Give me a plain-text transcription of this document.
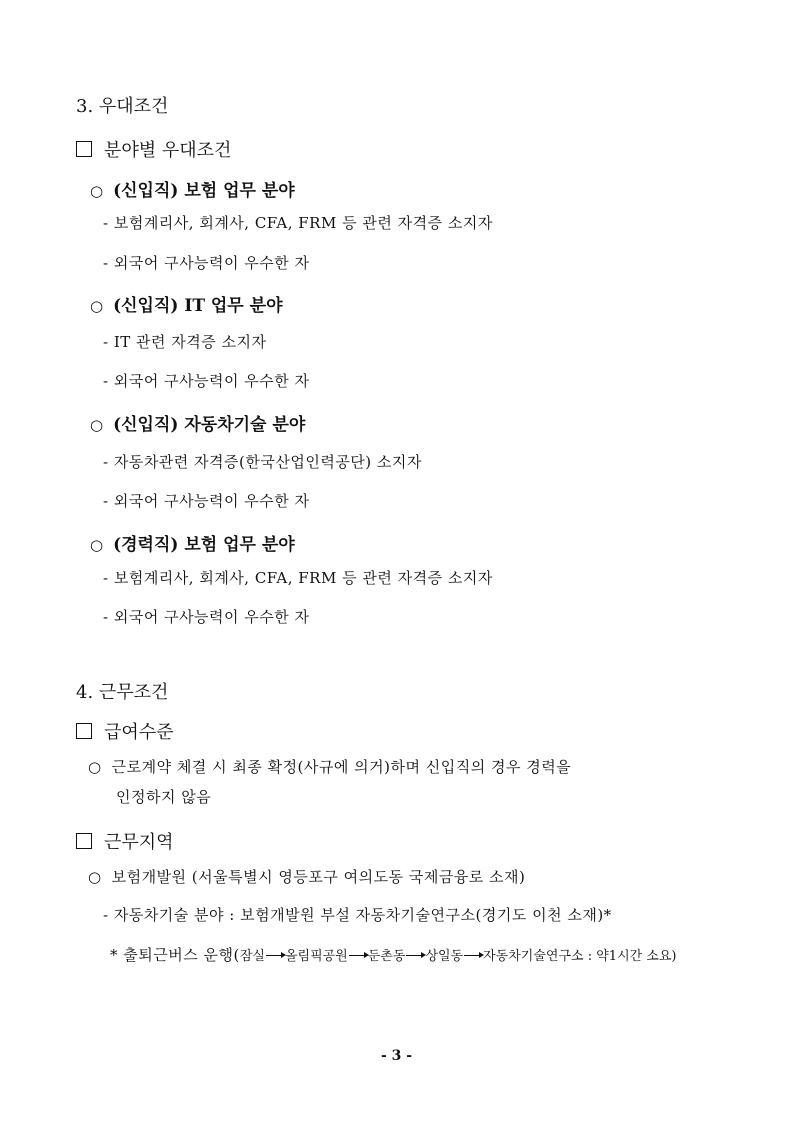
3. 우대조건
분야별 우대조건
○ (신입직) 보험 업무 분야
- 보험계리사, 회계사, CFA, FRM 등 관련 자격증 소지자
- 외국어 구사능력이 우수한 자
○ (신입직) IT 업무 분야
- IT 관련 자격증 소지자
- 외국어 구사능력이 우수한 자
○ (신입직) 자동차기술 분야
- 자동차관련 자격증(한국산업인력공단) 소지자
- 외국어 구사능력이 우수한 자
○ (경력직) 보험 업무 분야
- 보험계리사, 회계사, CFA, FRM 등 관련 자격증 소지자
- 외국어 구사능력이 우수한 자
4. 근무조건
급여수준
○ 근로계약 체결 시 최종 확정(사규에 의거)하며 신입직의 경우 경력을
인정하지 않음
근무지역
○ 보험개발원 (서울특별시 영등포구 여의도동 국제금융로 소재)
- 자동차기술 분야 : 보험개발원 부설 자동차기술연구소(경기도 이천 소재)*
* 출퇴근버스 운행(잠실 올림픽공원 둔촌동 상일동 자동차기술연구소 : 약1시간 소요)
- 3 -
